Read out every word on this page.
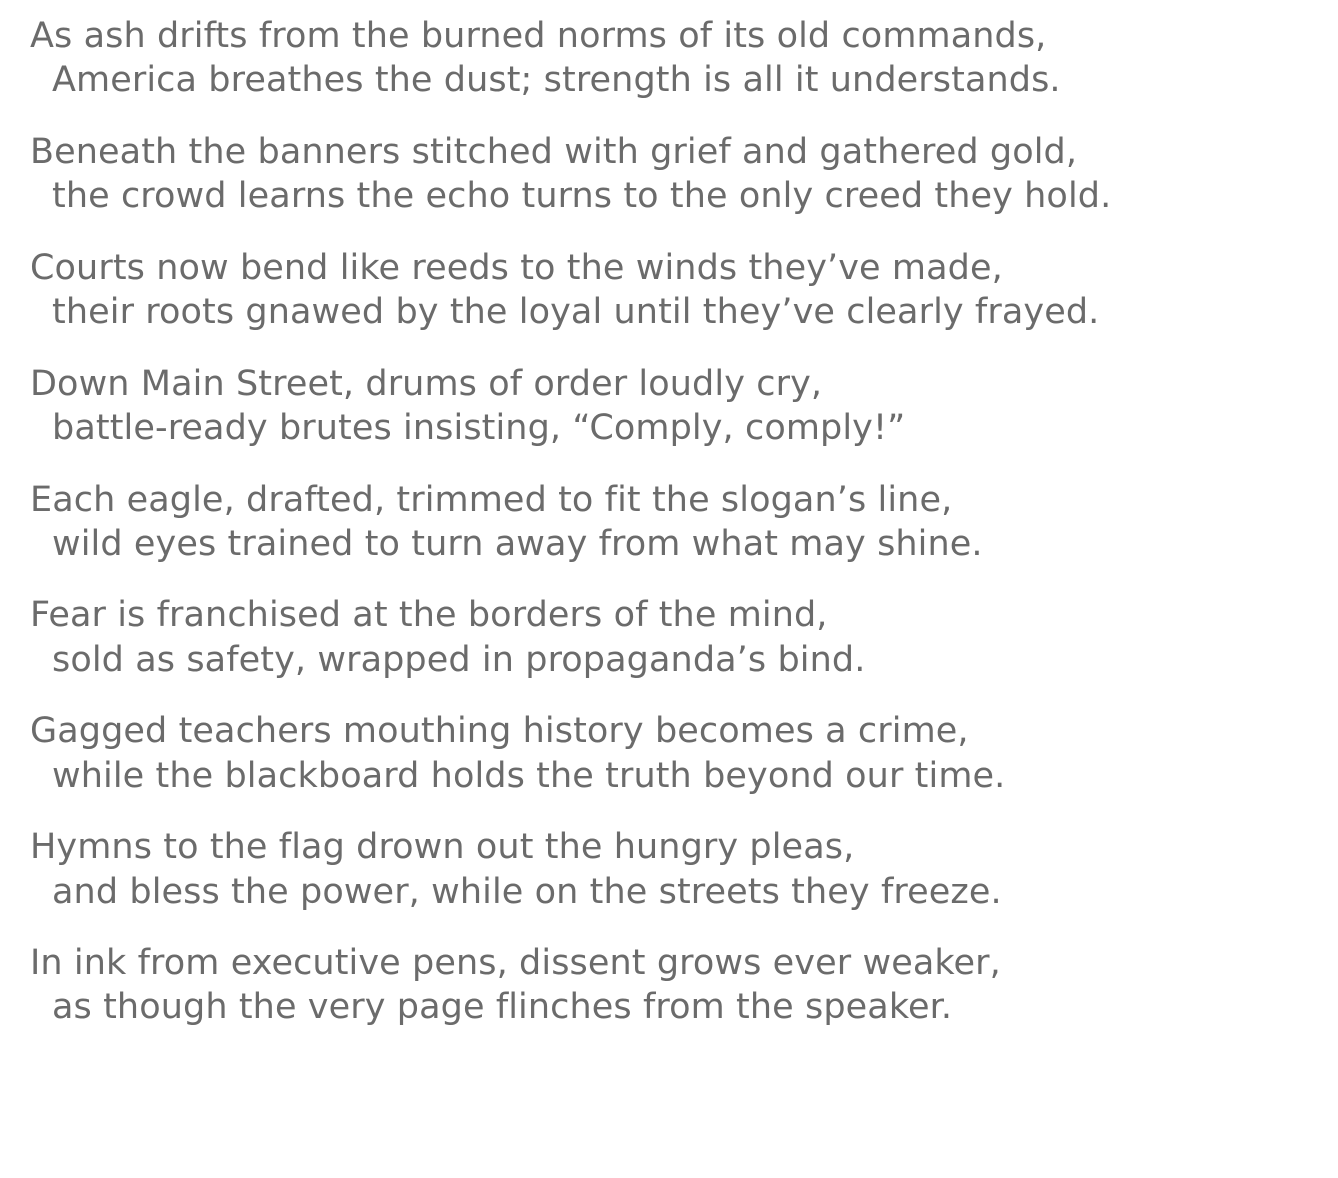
As ash drifts from the burned norms of its old commands,
America breathes the dust; strength is all it understands.
Beneath the banners stitched with grief and gathered gold,
the crowd learns the echo turns to the only creed they hold.
Courts now bend like reeds to the winds they’ve made,
their roots gnawed by the loyal until they’ve clearly frayed.
Down Main Street, drums of order loudly cry,
battle-ready brutes insisting, “Comply, comply!”
Each eagle, drafted, trimmed to fit the slogan’s line,
wild eyes trained to turn away from what may shine.
Fear is franchised at the borders of the mind,
sold as safety, wrapped in propaganda’s bind.
Gagged teachers mouthing history becomes a crime,
while the blackboard holds the truth beyond our time.
Hymns to the flag drown out the hungry pleas,
and bless the power, while on the streets they freeze.
In ink from executive pens, dissent grows ever weaker,
as though the very page flinches from the speaker.
